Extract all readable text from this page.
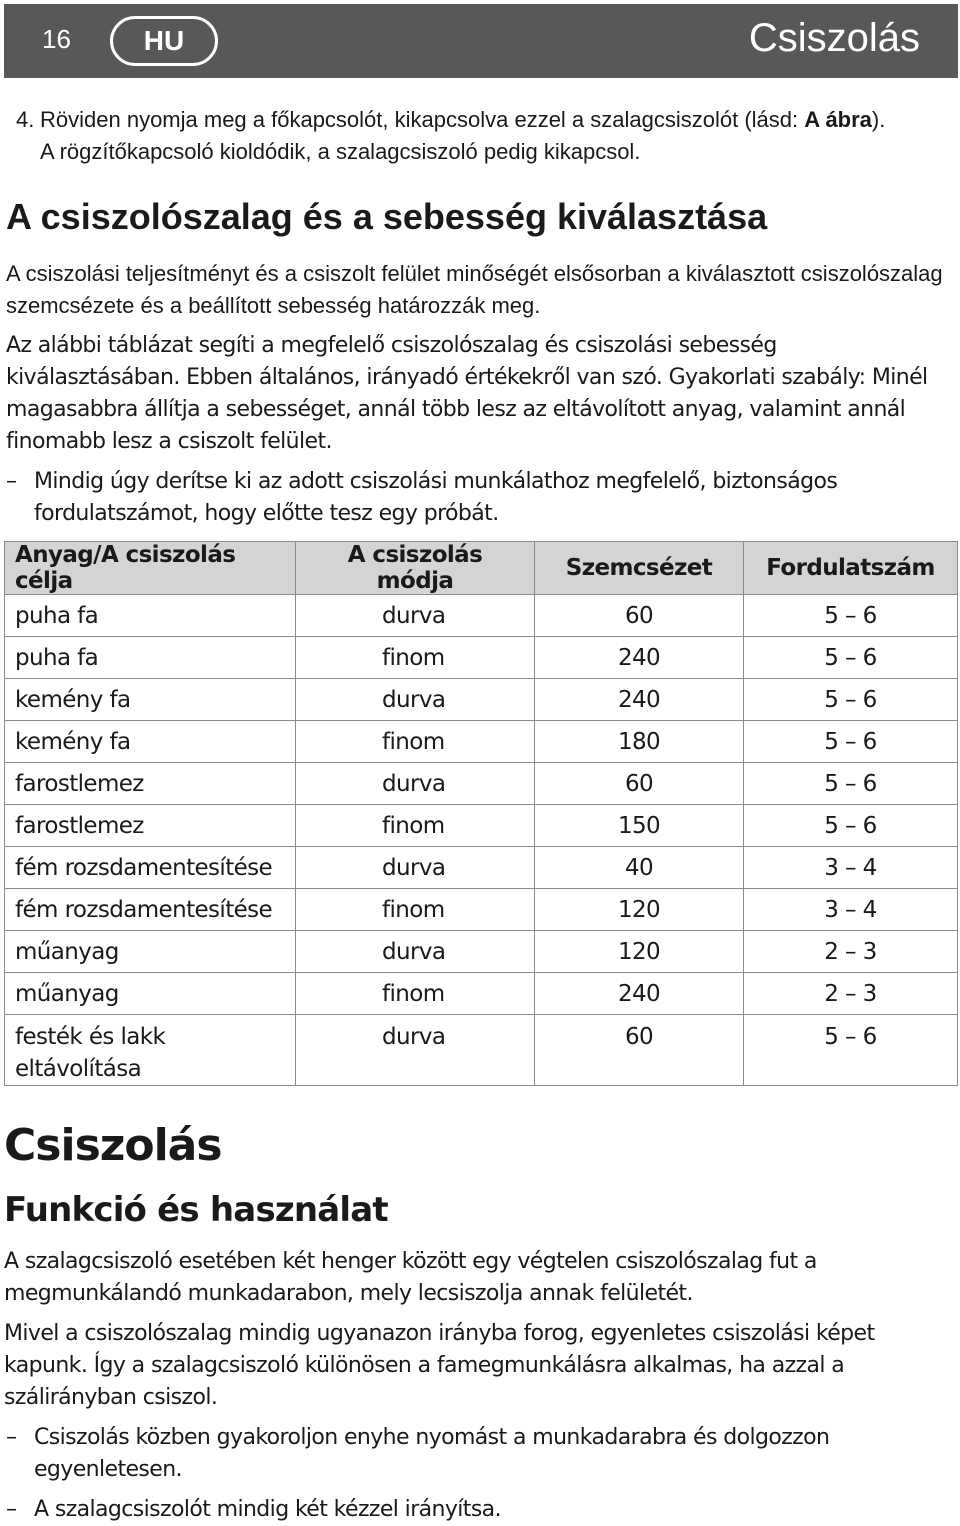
16	HU	Csiszolás
4. Röviden nyomja meg a főkapcsolót, kikapcsolva ezzel a szalagcsiszolót (lásd: A ábra).
A rögzítőkapcsoló kioldódik, a szalagcsiszoló pedig kikapcsol.
A csiszolószalag és a sebesség kiválasztása

A csiszolási teljesítményt és a csiszolt felület minőségét elsősorban a kiválasztott csiszolószalag szemcsézete és a beállított sebesség határozzák meg.

Az alábbi táblázat segíti a megfelelő csiszolószalag és csiszolási sebesség kiválasztásában. Ebben általános, irányadó értékekről van szó. Gyakorlati szabály: Minél magasabbra állítja a sebességet, annál több lesz az eltávolított anyag, valamint annál finomabb lesz a csiszolt felület.

– Mindig úgy derítse ki az adott csiszolási munkálathoz megfelelő, biztonságos fordulatszámot, hogy előtte tesz egy próbát.
Anyag/A csiszolás célja	A csiszolás módja	Szemcsézet	Fordulatszám
puha fa	durva	60	5 – 6
puha fa	finom	240	5 – 6
kemény fa	durva	240	5 – 6
kemény fa	finom	180	5 – 6
farostlemez	durva	60	5 – 6
farostlemez	finom	150	5 – 6
fém rozsdamentesítése	durva	40	3 – 4
fém rozsdamentesítése	finom	120	3 – 4
műanyag	durva	120	2 – 3
műanyag	finom	240	2 – 3
festék és lakk eltávolítása	durva	60	5 – 6
Csiszolás
Funkció és használat

A szalagcsiszoló esetében két henger között egy végtelen csiszolószalag fut a megmunkálandó munkadarabon, mely lecsiszolja annak felületét.

Mivel a csiszolószalag mindig ugyanazon irányba forog, egyenletes csiszolási képet kapunk. Így a szalagcsiszoló különösen a famegmunkálásra alkalmas, ha azzal a szálirányban csiszol.

– Csiszolás közben gyakoroljon enyhe nyomást a munkadarabra és dolgozzon egyenletesen.
– A szalagcsiszolót mindig két kézzel irányítsa.
